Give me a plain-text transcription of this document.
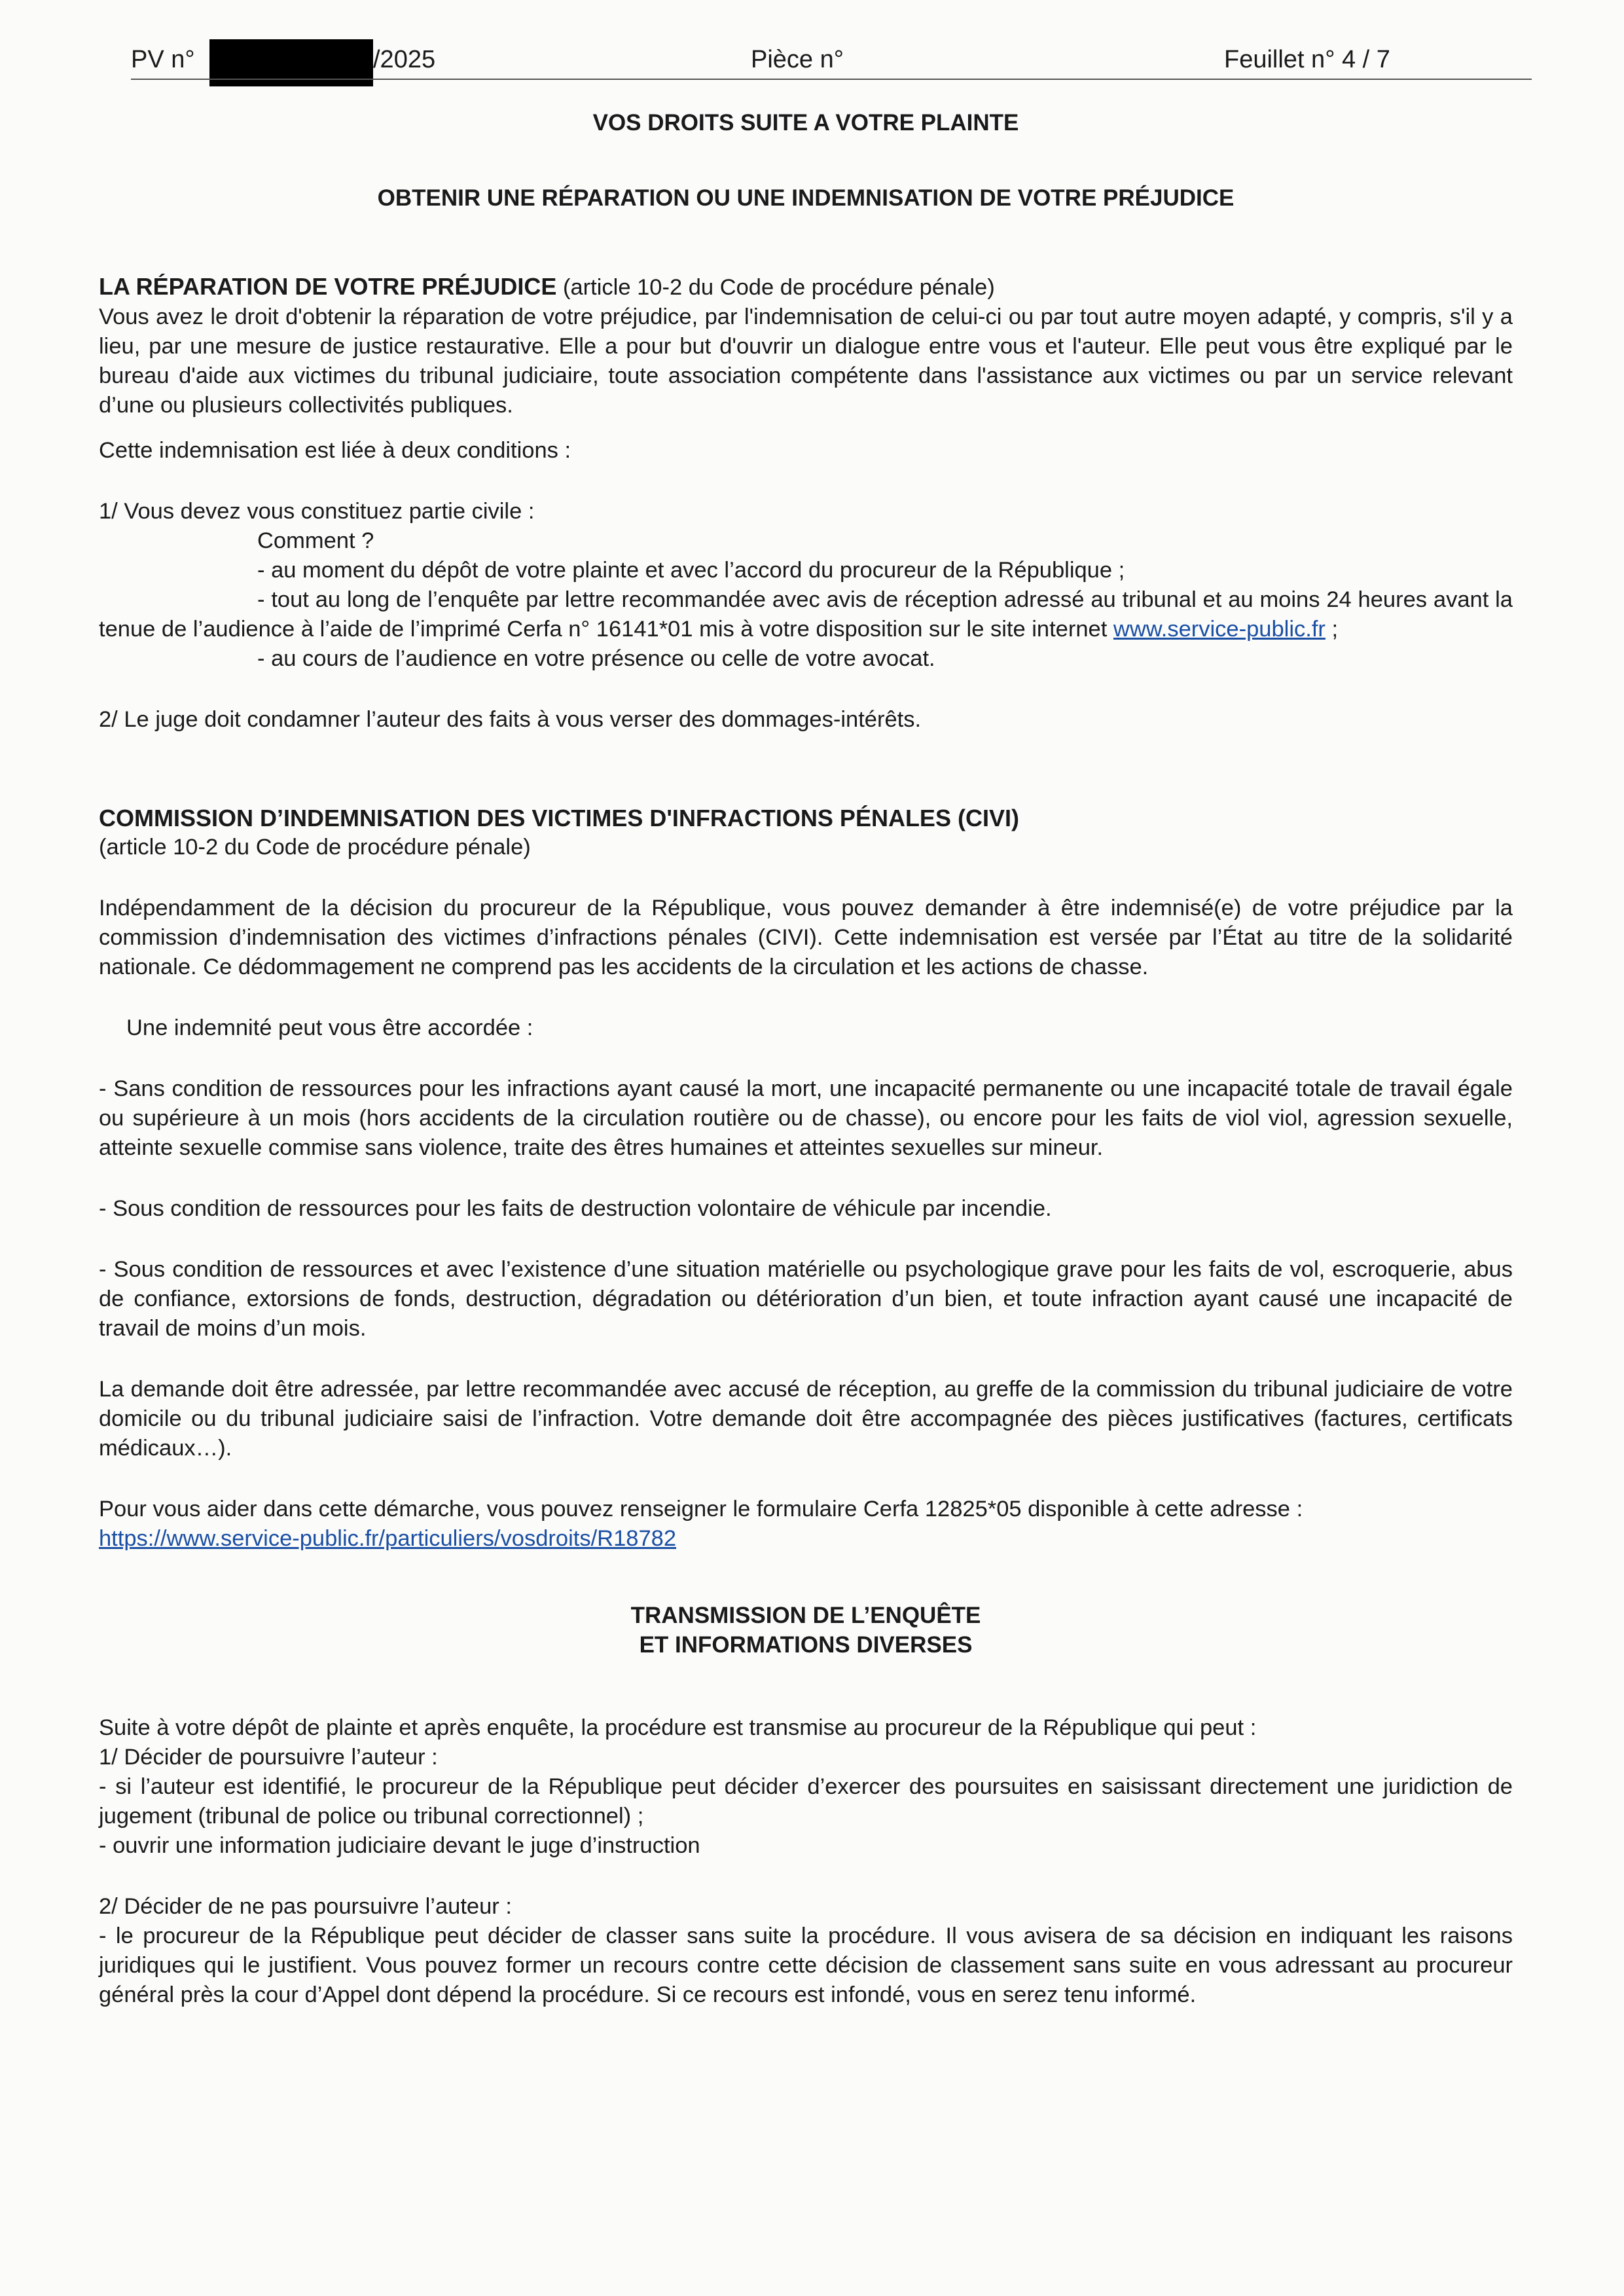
PV n°	/2025	Pièce n°	Feuillet n° 4 / 7

VOS DROITS SUITE A VOTRE PLAINTE

OBTENIR UNE RÉPARATION OU UNE INDEMNISATION DE VOTRE PRÉJUDICE

LA RÉPARATION DE VOTRE PRÉJUDICE (article 10-2 du Code de procédure pénale)

Vous avez le droit d'obtenir la réparation de votre préjudice, par l'indemnisation de celui-ci ou par tout autre moyen adapté, y compris, s'il y a lieu, par une mesure de justice restaurative. Elle a pour but d'ouvrir un dialogue entre vous et l'auteur. Elle peut vous être expliqué par le bureau d'aide aux victimes du tribunal judiciaire, toute association compétente dans l'assistance aux victimes ou par un service relevant d’une ou plusieurs collectivités publiques.

Cette indemnisation est liée à deux conditions :

1/ Vous devez vous constituez partie civile :

Comment ?

- au moment du dépôt de votre plainte et avec l’accord du procureur de la République ;

- tout au long de l’enquête par lettre recommandée avec avis de réception adressé au tribunal et au moins 24 heures avant la tenue de l’audience à l’aide de l’imprimé Cerfa n° 16141*01 mis à votre disposition sur le site internet www.service-public.fr ;

- au cours de l’audience en votre présence ou celle de votre avocat.

2/ Le juge doit condamner l’auteur des faits à vous verser des dommages-intérêts.

COMMISSION D’INDEMNISATION DES VICTIMES D'INFRACTIONS PÉNALES (CIVI)

(article 10-2 du Code de procédure pénale)

Indépendamment de la décision du procureur de la République, vous pouvez demander à être indemnisé(e) de votre préjudice par la commission d’indemnisation des victimes d’infractions pénales (CIVI). Cette indemnisation est versée par l’État au titre de la solidarité nationale. Ce dédommagement ne comprend pas les accidents de la circulation et les actions de chasse.

Une indemnité peut vous être accordée :

- Sans condition de ressources pour les infractions ayant causé la mort, une incapacité permanente ou une incapacité totale de travail égale ou supérieure à un mois (hors accidents de la circulation routière ou de chasse), ou encore pour les faits de viol viol, agression sexuelle, atteinte sexuelle commise sans violence, traite des êtres humaines et atteintes sexuelles sur mineur.

- Sous condition de ressources pour les faits de destruction volontaire de véhicule par incendie.

- Sous condition de ressources et avec l’existence d’une situation matérielle ou psychologique grave pour les faits de vol, escroquerie, abus de confiance, extorsions de fonds, destruction, dégradation ou détérioration d’un bien, et toute infraction ayant causé une incapacité de travail de moins d’un mois.

La demande doit être adressée, par lettre recommandée avec accusé de réception, au greffe de la commission du tribunal judiciaire de votre domicile ou du tribunal judiciaire saisi de l’infraction. Votre demande doit être accompagnée des pièces justificatives (factures, certificats médicaux…).

Pour vous aider dans cette démarche, vous pouvez renseigner le formulaire Cerfa 12825*05 disponible à cette adresse :

https://www.service-public.fr/particuliers/vosdroits/R18782

TRANSMISSION DE L’ENQUÊTE

ET INFORMATIONS DIVERSES

Suite à votre dépôt de plainte et après enquête, la procédure est transmise au procureur de la République qui peut :

1/ Décider de poursuivre l’auteur :

- si l’auteur est identifié, le procureur de la République peut décider d’exercer des poursuites en saisissant directement une juridiction de jugement (tribunal de police ou tribunal correctionnel) ;

- ouvrir une information judiciaire devant le juge d’instruction

2/ Décider de ne pas poursuivre l’auteur :

- le procureur de la République peut décider de classer sans suite la procédure. Il vous avisera de sa décision en indiquant les raisons juridiques qui le justifient. Vous pouvez former un recours contre cette décision de classement sans suite en vous adressant au procureur général près la cour d’Appel dont dépend la procédure. Si ce recours est infondé, vous en serez tenu informé.
